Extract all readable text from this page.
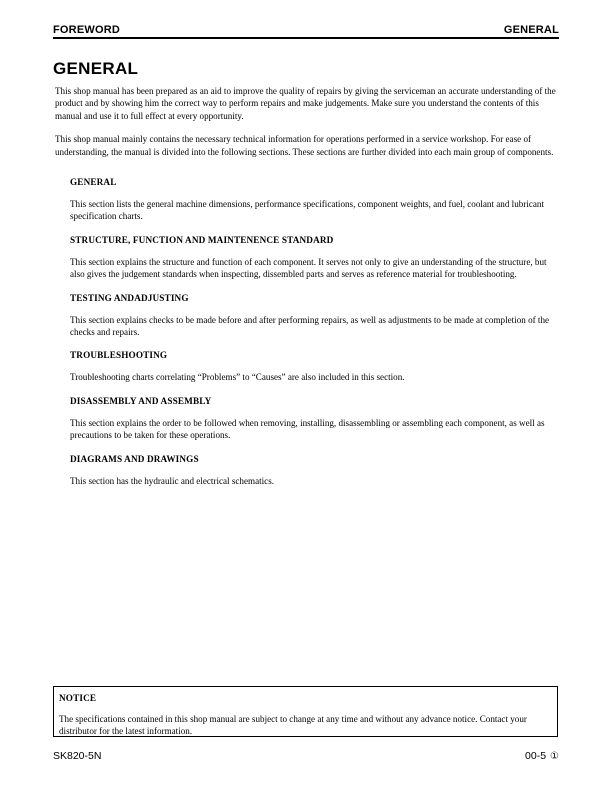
FOREWORD	GENERAL
GENERAL

This shop manual has been prepared as an aid to improve the quality of repairs by giving the serviceman an accurate understanding of the product and by showing him the correct way to perform repairs and make judgements. Make sure you understand the contents of this manual and use it to full effect at every opportunity.

This shop manual mainly contains the necessary technical information for operations performed in a service workshop. For ease of understanding, the manual is divided into the following sections. These sections are further divided into each main group of components.

GENERAL
This section lists the general machine dimensions, performance specifications, component weights, and fuel, coolant and lubricant specification charts.
STRUCTURE, FUNCTION AND MAINTENENCE STANDARD
This section explains the structure and function of each component. It serves not only to give an understanding of the structure, but also gives the judgement standards when inspecting, dissembled parts and serves as reference material for troubleshooting.
TESTING ANDADJUSTING
This section explains checks to be made before and after performing repairs, as well as adjustments to be made at completion of the checks and repairs.
TROUBLESHOOTING
Troubleshooting charts correlating “Problems” to “Causes” are also included in this section.
DISASSEMBLY AND ASSEMBLY
This section explains the order to be followed when removing, installing, disassembling or assembling each component, as well as precautions to be taken for these operations.
DIAGRAMS AND DRAWINGS
This section has the hydraulic and electrical schematics.
NOTICE
The specifications contained in this shop manual are subject to change at any time and without any advance notice. Contact your distributor for the latest information.
SK820-5N	00-5 ①
